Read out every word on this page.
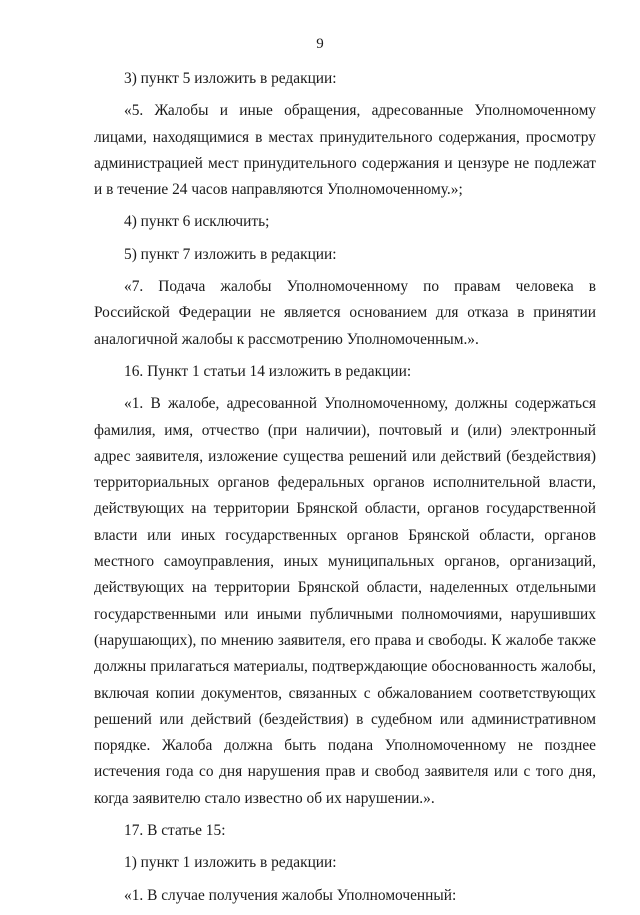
9

3) пункт 5 изложить в редакции:

«5. Жалобы и иные обращения, адресованные Уполномоченному лицами, находящимися в местах принудительного содержания, просмотру администрацией мест принудительного содержания и цензуре не подлежат и в течение 24 часов направляются Уполномоченному.»;

4) пункт 6 исключить;

5) пункт 7 изложить в редакции:

«7. Подача жалобы Уполномоченному по правам человека в Российской Федерации не является основанием для отказа в принятии аналогичной жалобы к рассмотрению Уполномоченным.».

16. Пункт 1 статьи 14 изложить в редакции:

«1. В жалобе, адресованной Уполномоченному, должны содержаться фамилия, имя, отчество (при наличии), почтовый и (или) электронный адрес заявителя, изложение существа решений или действий (бездействия) территориальных органов федеральных органов исполнительной власти, действующих на территории Брянской области, органов государственной власти или иных государственных органов Брянской области, органов местного самоуправления, иных муниципальных органов, организаций, действующих на территории Брянской области, наделенных отдельными государственными или иными публичными полномочиями, нарушивших (нарушающих), по мнению заявителя, его права и свободы. К жалобе также должны прилагаться материалы, подтверждающие обоснованность жалобы, включая копии документов, связанных с обжалованием соответствующих решений или действий (бездействия) в судебном или административном порядке. Жалоба должна быть подана Уполномоченному не позднее истечения года со дня нарушения прав и свобод заявителя или с того дня, когда заявителю стало известно об их нарушении.».

17. В статье 15:

1) пункт 1 изложить в редакции:

«1. В случае получения жалобы Уполномоченный:
